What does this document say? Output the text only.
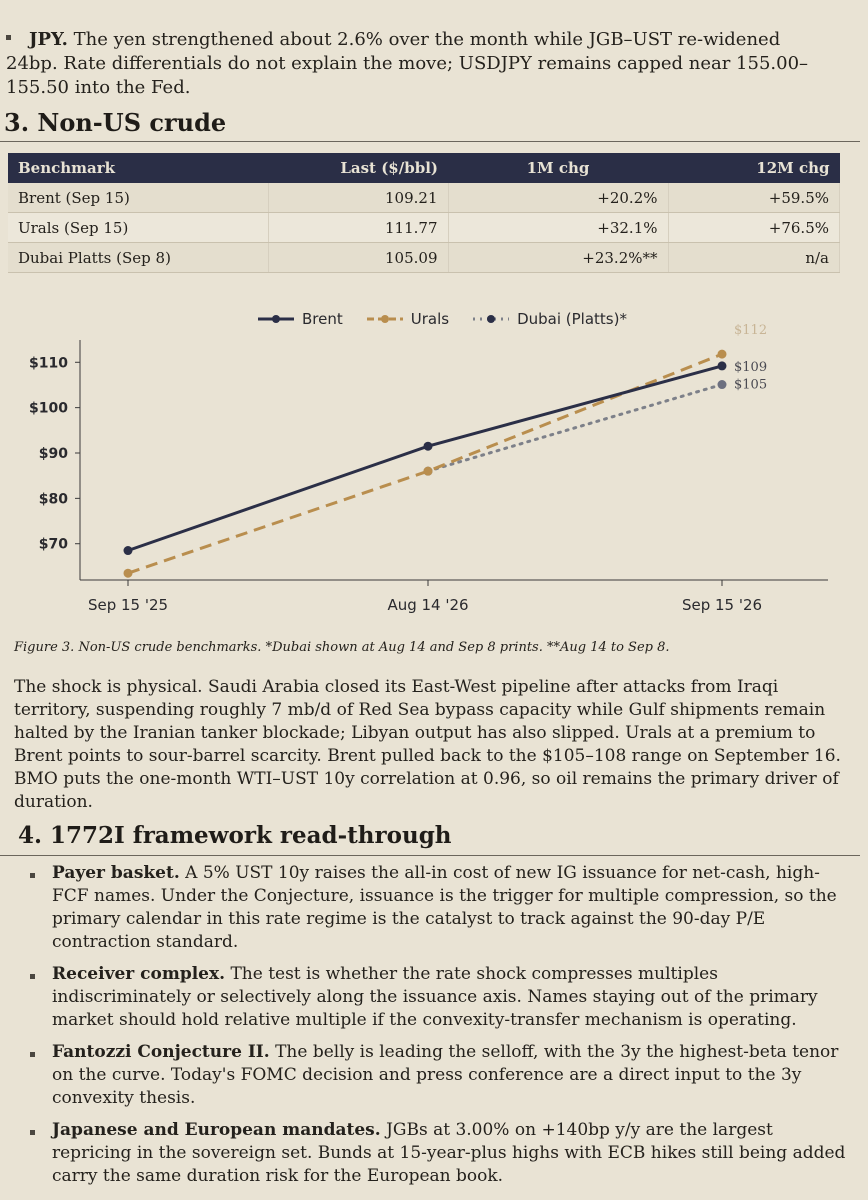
JPY. The yen strengthened about 2.6% over the month while JGB–UST re-widened 24bp. Rate differentials do not explain the move; USDJPY remains capped near 155.00–155.50 into the Fed.
3. Non-US crude
Benchmark	Last ($/bbl)	1M chg	12M chg
Brent (Sep 15)	109.21	+20.2%	+59.5%
Urals (Sep 15)	111.77	+32.1%	+76.5%
Dubai Platts (Sep 8)	105.09	+23.2%**	n/a
Brent	Urals	Dubai (Platts)*
$70
$80
$90
$100
$110
Sep 15 '25	Aug 14 '26	Sep 15 '26
$109
$112
$105
Figure 3. Non-US crude benchmarks. *Dubai shown at Aug 14 and Sep 8 prints. **Aug 14 to Sep 8.
The shock is physical. Saudi Arabia closed its East-West pipeline after attacks from Iraqi territory, suspending roughly 7 mb/d of Red Sea bypass capacity while Gulf shipments remain halted by the Iranian tanker blockade; Libyan output has also slipped. Urals at a premium to Brent points to sour-barrel scarcity. Brent pulled back to the $105–108 range on September 16. BMO puts the one-month WTI–UST 10y correlation at 0.96, so oil remains the primary driver of duration.
4. 1772I framework read-through
Payer basket. A 5% UST 10y raises the all-in cost of new IG issuance for net-cash, high-FCF names. Under the Conjecture, issuance is the trigger for multiple compression, so the primary calendar in this rate regime is the catalyst to track against the 90-day P/E contraction standard.
Receiver complex. The test is whether the rate shock compresses multiples indiscriminately or selectively along the issuance axis. Names staying out of the primary market should hold relative multiple if the convexity-transfer mechanism is operating.
Fantozzi Conjecture II. The belly is leading the selloff, with the 3y the highest-beta tenor on the curve. Today's FOMC decision and press conference are a direct input to the 3y convexity thesis.
Japanese and European mandates. JGBs at 3.00% on +140bp y/y are the largest repricing in the sovereign set. Bunds at 15-year-plus highs with ECB hikes still being added carry the same duration risk for the European book.
